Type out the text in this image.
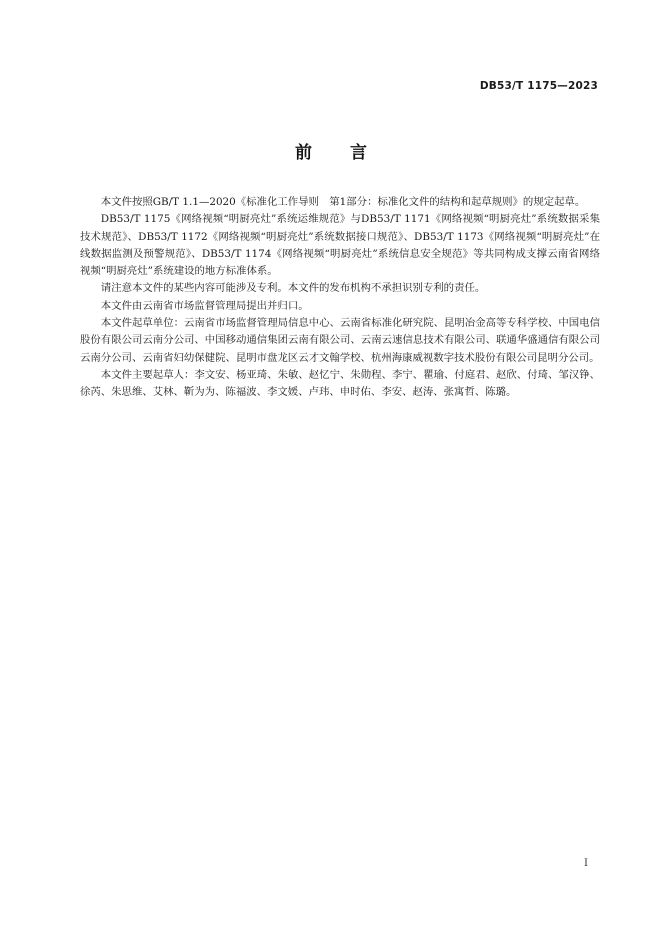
DB53/T 1175—2023
前言

本文件按照GB/T 1.1—2020《标准化工作导则　第1部分：标准化文件的结构和起草规则》的规定起草。

DB53/T 1175《网络视频“明厨亮灶”系统运维规范》与DB53/T 1171《网络视频“明厨亮灶”系统数据采集技术规范》、DB53/T 1172《网络视频“明厨亮灶”系统数据接口规范》、DB53/T 1173《网络视频“明厨亮灶”在线数据监测及预警规范》、DB53/T 1174《网络视频“明厨亮灶”系统信息安全规范》等共同构成支撑云南省网络视频“明厨亮灶”系统建设的地方标准体系。

请注意本文件的某些内容可能涉及专利。本文件的发布机构不承担识别专利的责任。

本文件由云南省市场监督管理局提出并归口。

本文件起草单位：云南省市场监督管理局信息中心、云南省标准化研究院、昆明冶金高等专科学校、中国电信股份有限公司云南分公司、中国移动通信集团云南有限公司、云南云速信息技术有限公司、联通华盛通信有限公司云南分公司、云南省妇幼保健院、昆明市盘龙区云才文翰学校、杭州海康威视数字技术股份有限公司昆明分公司。

本文件主要起草人：李文安、杨亚琦、朱敏、赵忆宁、朱勋程、李宁、瞿瑜、付庭君、赵欣、付琦、邹汉铮、徐芮、朱思维、艾林、靳为为、陈福波、李文媛、卢玮、申时佑、李安、赵涛、张寓哲、陈璐。

I
